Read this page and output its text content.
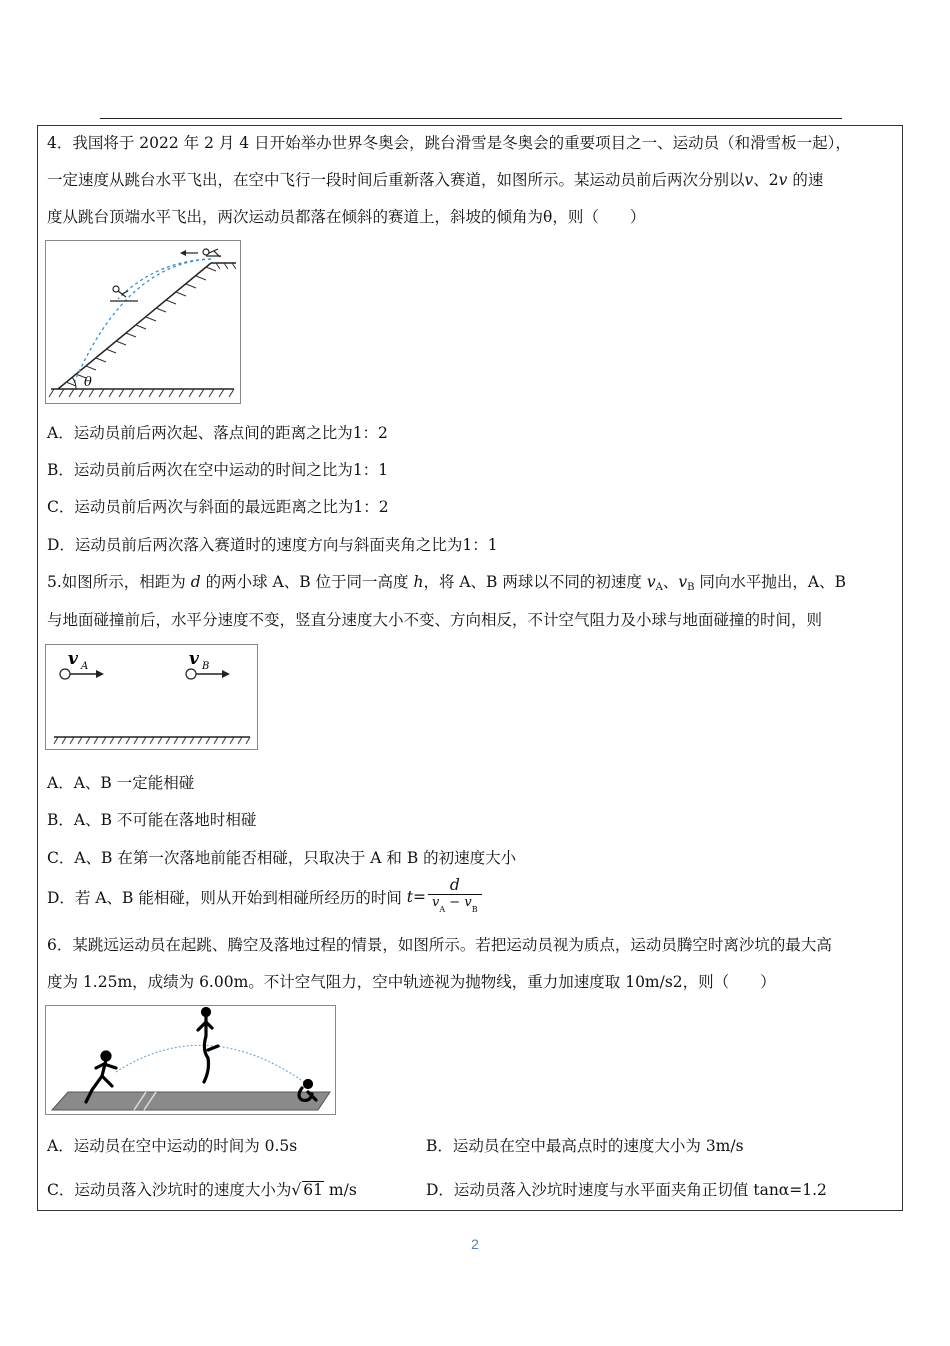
4．我国将于 2022 年 2 月 4 日开始举办世界冬奥会，跳台滑雪是冬奥会的重要项目之一、运动员（和滑雪板一起），
一定速度从跳台水平飞出，在空中飞行一段时间后重新落入赛道，如图所示。某运动员前后两次分别以v、2v 的速
度从跳台顶端水平飞出，两次运动员都落在倾斜的赛道上，斜坡的倾角为θ，则（　　）
θ
A．运动员前后两次起、落点间的距离之比为1：2
B．运动员前后两次在空中运动的时间之比为1：1
C．运动员前后两次与斜面的最远距离之比为1：2
D．运动员前后两次落入赛道时的速度方向与斜面夹角之比为1：1
5.如图所示，相距为 d 的两小球 A、B 位于同一高度 h，将 A、B 两球以不同的初速度 $v_A$、$v_B$ 同向水平抛出，A、B
与地面碰撞前后，水平分速度不变，竖直分速度大小不变、方向相反，不计空气阻力及小球与地面碰撞的时间，则
v A	v B
A．A、B 一定能相碰
B．A、B 不可能在落地时相碰
C．A、B 在第一次落地前能否相碰，只取决于 A 和 B 的初速度大小
D．若 A、B 能相碰，则从开始到相碰所经历的时间 $t= \frac{d}{v_A - v_B}$
6．某跳远运动员在起跳、腾空及落地过程的情景，如图所示。若把运动员视为质点，运动员腾空时离沙坑的最大高
度为 1.25m，成绩为 6.00m。不计空气阻力，空中轨迹视为抛物线，重力加速度取 10m/s2，则（　　）
A．运动员在空中运动的时间为 0.5s	B．运动员在空中最高点时的速度大小为 3m/s
C．运动员落入沙坑时的速度大小为√ 61 m/s	D．运动员落入沙坑时速度与水平面夹角正切值 tanα=1.2
2
